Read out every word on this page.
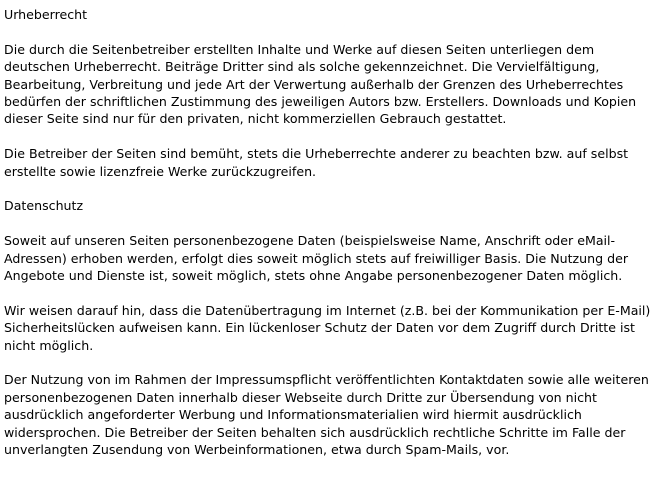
Urheberrecht

Die durch die Seitenbetreiber erstellten Inhalte und Werke auf diesen Seiten unterliegen dem deutschen Urheberrecht. Beiträge Dritter sind als solche gekennzeichnet. Die Vervielfältigung, Bearbeitung, Verbreitung und jede Art der Verwertung außerhalb der Grenzen des Urheberrechtes bedürfen der schriftlichen Zustimmung des jeweiligen Autors bzw. Erstellers. Downloads und Kopien dieser Seite sind nur für den privaten, nicht kommerziellen Gebrauch gestattet.

Die Betreiber der Seiten sind bemüht, stets die Urheberrechte anderer zu beachten bzw. auf selbst erstellte sowie lizenzfreie Werke zurückzugreifen.

Datenschutz

Soweit auf unseren Seiten personenbezogene Daten (beispielsweise Name, Anschrift oder eMail-Adressen) erhoben werden, erfolgt dies soweit möglich stets auf freiwilliger Basis. Die Nutzung der Angebote und Dienste ist, soweit möglich, stets ohne Angabe personenbezogener Daten möglich.

Wir weisen darauf hin, dass die Datenübertragung im Internet (z.B. bei der Kommunikation per E-Mail) Sicherheitslücken aufweisen kann. Ein lückenloser Schutz der Daten vor dem Zugriff durch Dritte ist nicht möglich.

Der Nutzung von im Rahmen der Impressumspflicht veröffentlichten Kontaktdaten sowie alle weiteren personenbezogenen Daten innerhalb dieser Webseite durch Dritte zur Übersendung von nicht ausdrücklich angeforderter Werbung und Informationsmaterialien wird hiermit ausdrücklich widersprochen. Die Betreiber der Seiten behalten sich ausdrücklich rechtliche Schritte im Falle der unverlangten Zusendung von Werbeinformationen, etwa durch Spam-Mails, vor.
